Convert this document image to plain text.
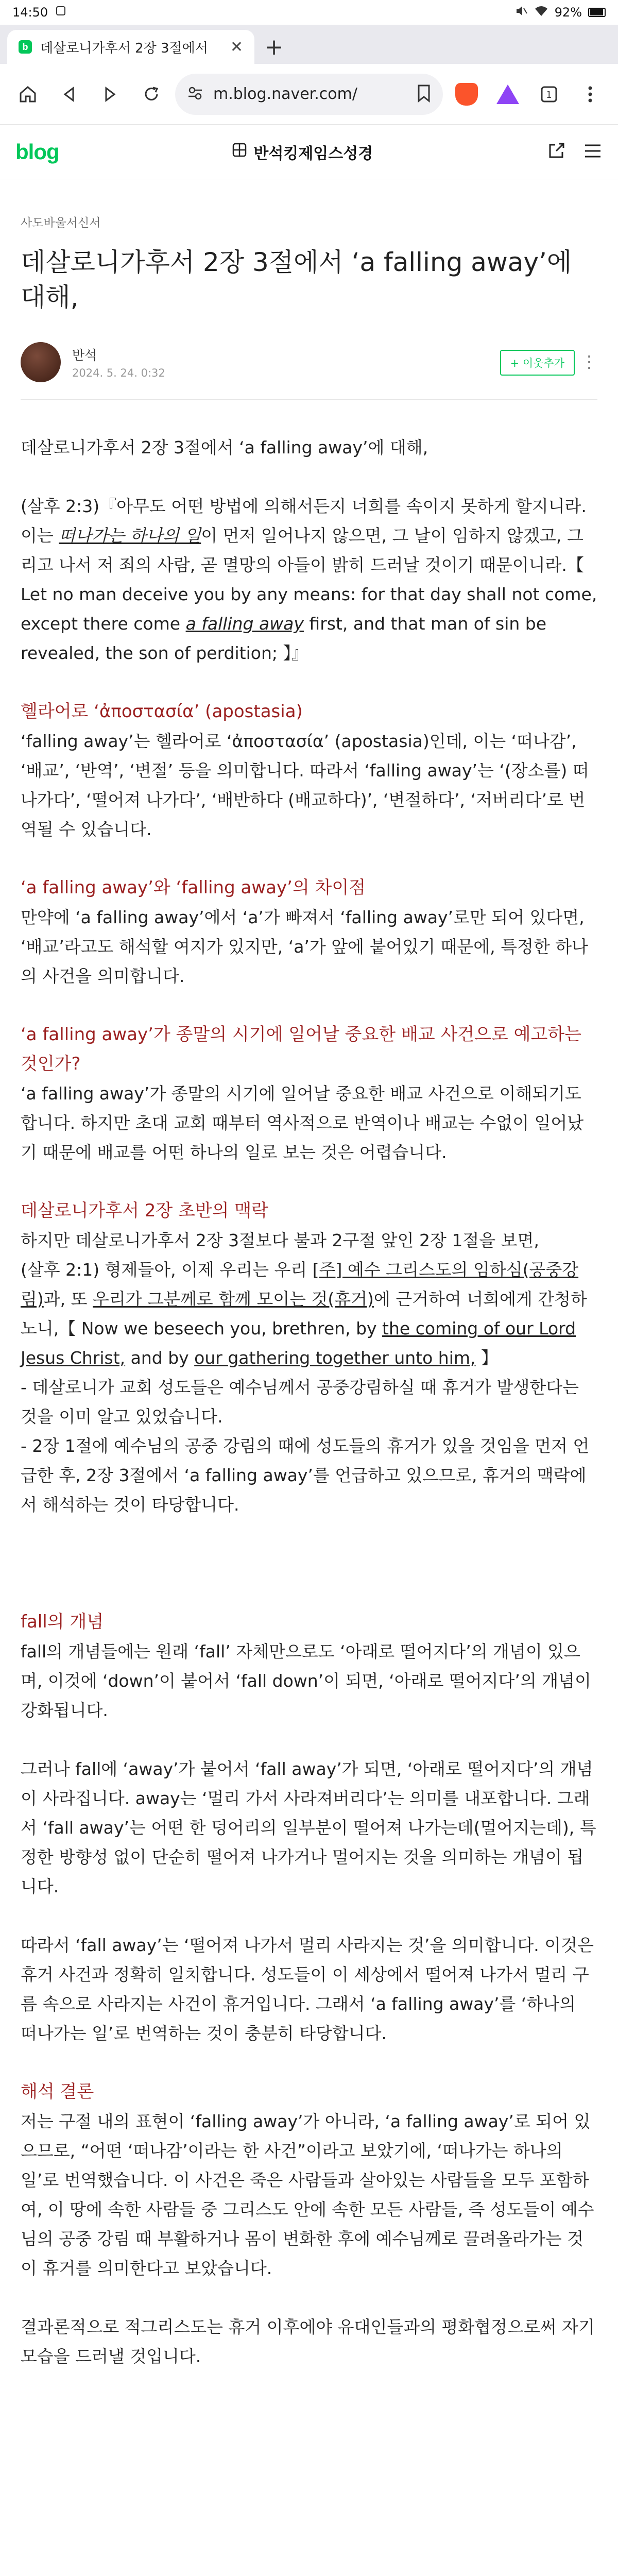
14:50	92%
b 데살로니가후서 2장 3절에서	✕ +
m.blog.naver.com/	1
blog	반석킹제임스성경
사도바울서신서
데살로니가후서 2장 3절에서 ‘a falling away’에 대해,
반석
2024. 5. 24. 0:32
+ 이웃추가	⋮

데살로니가후서 2장 3절에서 ‘a falling away’에 대해,

(살후 2:3)『아무도 어떤 방법에 의해서든지 너희를 속이지 못하게 할지니라. 이는 떠나가는 하나의 일이 먼저 일어나지 않으면, 그 날이 임하지 않겠고, 그리고 나서 저 죄의 사람, 곧 멸망의 아들이 밝히 드러날 것이기 때문이니라.【 Let no man deceive you by any means: for that day shall not come, except there come a falling away first, and that man of sin be revealed, the son of perdition; 】』

헬라어로 ‘ἀποστασία’ (apostasia)

‘falling away’는 헬라어로 ‘ἀποστασία’ (apostasia)인데, 이는 ‘떠나감’, ‘배교’, ‘반역’, ‘변절’ 등을 의미합니다. 따라서 ‘falling away’는 ‘(장소를) 떠나가다’, ‘떨어져 나가다’, ‘배반하다 (배교하다)’, ‘변절하다’, ‘저버리다’로 번역될 수 있습니다.

‘a falling away’와 ‘falling away’의 차이점

만약에 ‘a falling away’에서 ‘a’가 빠져서 ‘falling away’로만 되어 있다면, ‘배교’라고도 해석할 여지가 있지만, ‘a’가 앞에 붙어있기 때문에, 특정한 하나의 사건을 의미합니다.

‘a falling away’가 종말의 시기에 일어날 중요한 배교 사건으로 예고하는 것인가?

‘a falling away’가 종말의 시기에 일어날 중요한 배교 사건으로 이해되기도 합니다. 하지만 초대 교회 때부터 역사적으로 반역이나 배교는 수없이 일어났기 때문에 배교를 어떤 하나의 일로 보는 것은 어렵습니다.

데살로니가후서 2장 초반의 맥락

하지만 데살로니가후서 2장 3절보다 불과 2구절 앞인 2장 1절을 보면,

(살후 2:1) 형제들아, 이제 우리는 우리 [주] 예수 그리스도의 임하심(공중강림)과, 또 우리가 그분께로 함께 모이는 것(휴거)에 근거하여 너희에게 간청하노니,【 Now we beseech you, brethren, by the coming of our Lord Jesus Christ, and by our gathering together unto him, 】

- 데살로니가 교회 성도들은 예수님께서 공중강림하실 때 휴거가 발생한다는 것을 이미 알고 있었습니다.

- 2장 1절에 예수님의 공중 강림의 때에 성도들의 휴거가 있을 것임을 먼저 언급한 후, 2장 3절에서 ‘a falling away’를 언급하고 있으므로, 휴거의 맥락에서 해석하는 것이 타당합니다.

fall의 개념

fall의 개념들에는 원래 ‘fall’ 자체만으로도 ‘아래로 떨어지다’의 개념이 있으며, 이것에 ‘down’이 붙어서 ‘fall down’이 되면, ‘아래로 떨어지다’의 개념이 강화됩니다.

그러나 fall에 ‘away’가 붙어서 ‘fall away’가 되면, ‘아래로 떨어지다’의 개념이 사라집니다. away는 ‘멀리 가서 사라져버리다’는 의미를 내포합니다. 그래서 ‘fall away’는 어떤 한 덩어리의 일부분이 떨어져 나가는데(멀어지는데), 특정한 방향성 없이 단순히 떨어져 나가거나 멀어지는 것을 의미하는 개념이 됩니다.

따라서 ‘fall away’는 ‘떨어져 나가서 멀리 사라지는 것’을 의미합니다. 이것은 휴거 사건과 정확히 일치합니다. 성도들이 이 세상에서 떨어져 나가서 멀리 구름 속으로 사라지는 사건이 휴거입니다. 그래서 ‘a falling away’를 ‘하나의 떠나가는 일’로 번역하는 것이 충분히 타당합니다.

해석 결론

저는 구절 내의 표현이 ‘falling away’가 아니라, ‘a falling away’로 되어 있으므로, “어떤 ‘떠나감’이라는 한 사건”이라고 보았기에, ‘떠나가는 하나의 일’로 번역했습니다. 이 사건은 죽은 사람들과 살아있는 사람들을 모두 포함하여, 이 땅에 속한 사람들 중 그리스도 안에 속한 모든 사람들, 즉 성도들이 예수님의 공중 강림 때 부활하거나 몸이 변화한 후에 예수님께로 끌려올라가는 것이 휴거를 의미한다고 보았습니다.

결과론적으로 적그리스도는 휴거 이후에야 유대인들과의 평화협정으로써 자기 모습을 드러낼 것입니다.
